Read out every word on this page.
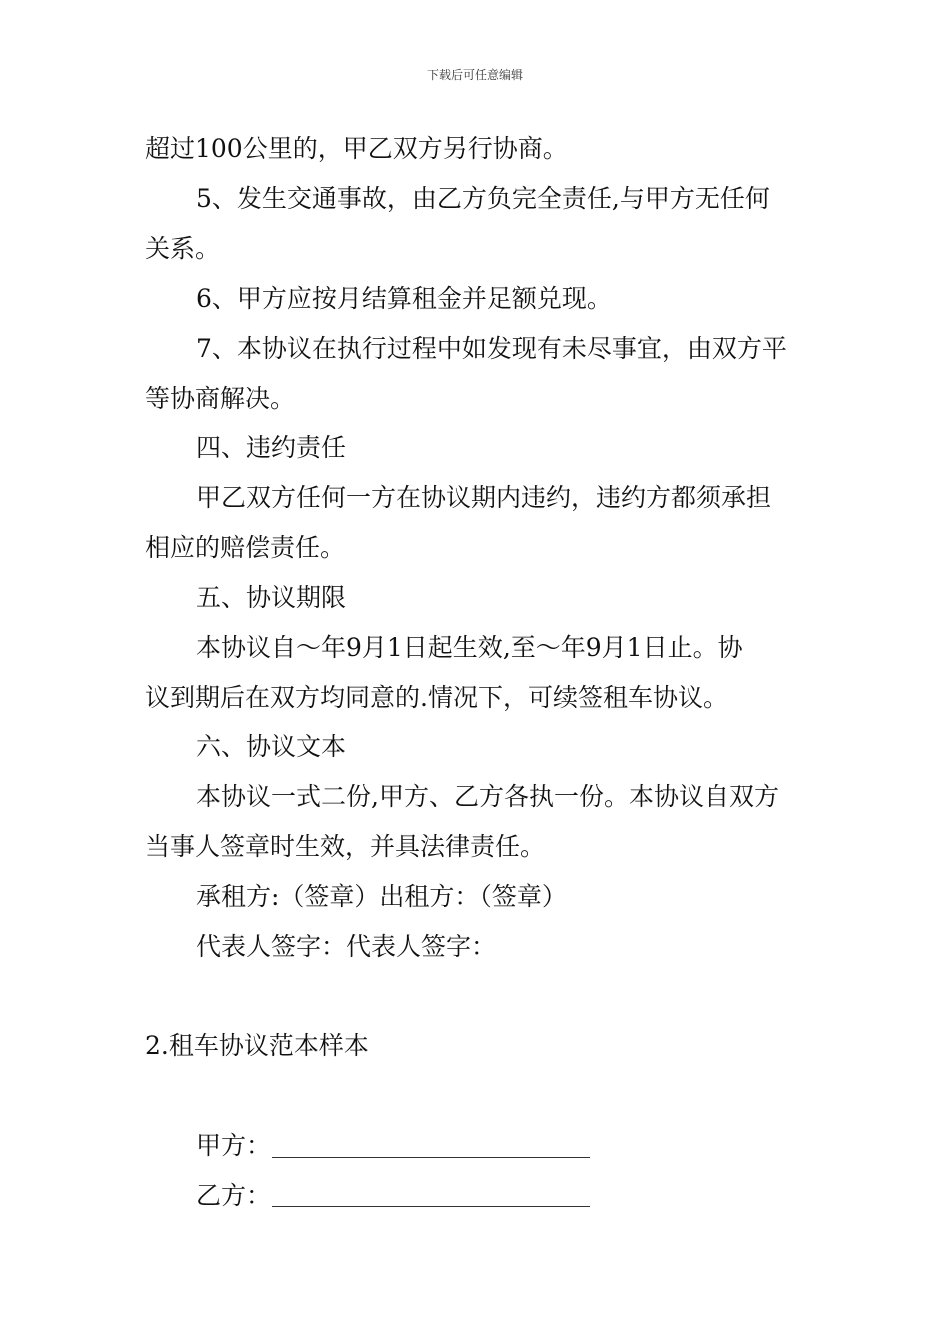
下载后可任意编辑
超过100公里的，甲乙双方另行协商。
5、发生交通事故，由乙方负完全责任,与甲方无任何
关系。
6、甲方应按月结算租金并足额兑现。
7、本协议在执行过程中如发现有未尽事宜，由双方平
等协商解决。
四、违约责任
甲乙双方任何一方在协议期内违约，违约方都须承担
相应的赔偿责任。
五、协议期限
本协议自～年9月1日起生效,至～年9月1日止。协
议到期后在双方均同意的.情况下，可续签租车协议。
六、协议文本
本协议一式二份,甲方、乙方各执一份。本协议自双方
当事人签章时生效，并具法律责任。
承租方:（签章）出租方：（签章）
代表人签字：代表人签字：
2.租车协议范本样本
甲方：
乙方：
